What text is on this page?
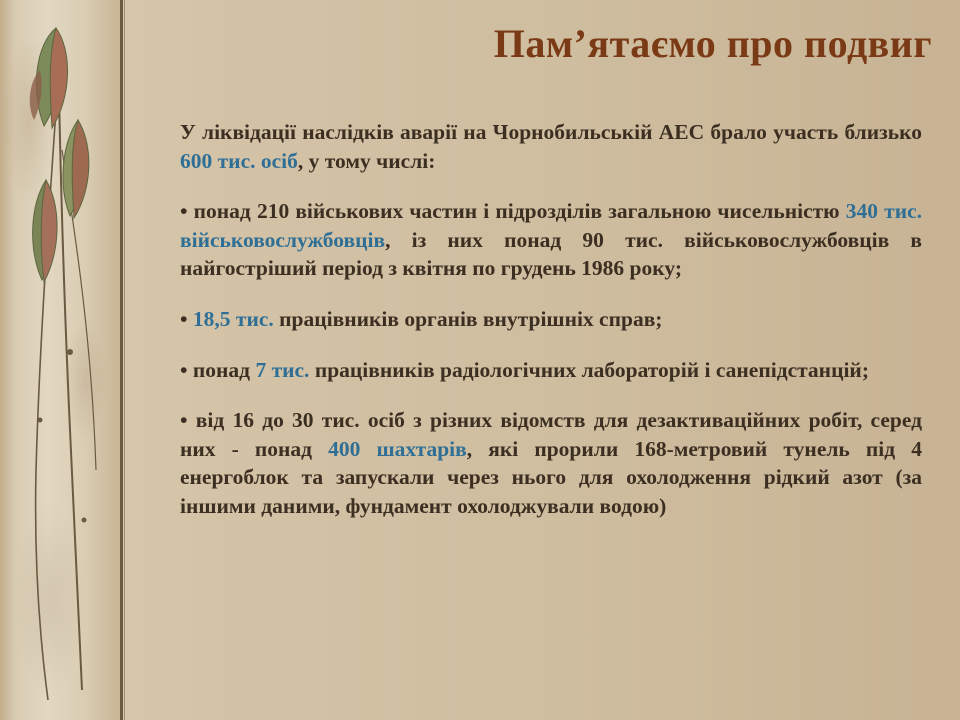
Пам’ятаємо про подвиг

У ліквідації наслідків аварії на Чорнобильській АЕС брало участь близько 600 тис. осіб, у тому числі:

• понад 210 військових частин і підрозділів загальною чисельністю 340 тис. військовослужбовців, із них понад 90 тис. військовослужбовців в найгостріший період з квітня по грудень 1986 року;

• 18,5 тис. працівників органів внутрішніх справ;

• понад 7 тис. працівників радіологічних лабораторій і санепідстанцій;

• від 16 до 30 тис. осіб з різних відомств для дезактиваційних робіт, серед них - понад 400 шахтарів, які прорили 168-метровий тунель під 4 енергоблок та запускали через нього для охолодження рідкий азот (за іншими даними, фундамент охолоджували водою)
